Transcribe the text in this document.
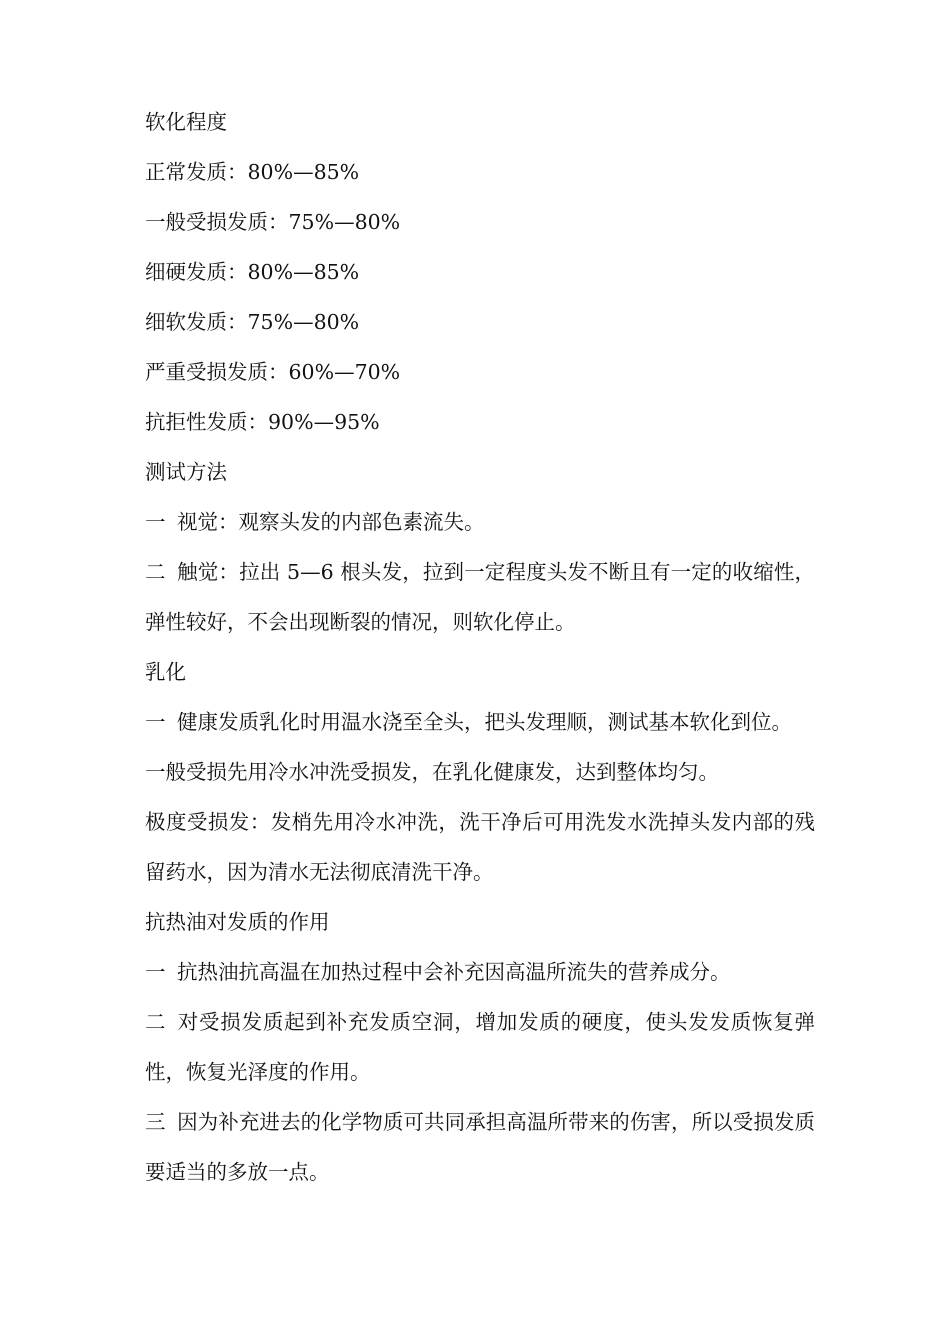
软化程度

正常发质：80%—85%

一般受损发质：75%—80%

细硬发质：80%—85%

细软发质：75%—80%

严重受损发质：60%—70%

抗拒性发质：90%—95%

测试方法

一 视觉：观察头发的内部色素流失。

二 触觉：拉出 5—6 根头发，拉到一定程度头发不断且有一定的收缩性，弹性较好，不会出现断裂的情况，则软化停止。

乳化

一 健康发质乳化时用温水浇至全头，把头发理顺，测试基本软化到位。

一般受损先用冷水冲洗受损发，在乳化健康发，达到整体均匀。

极度受损发：发梢先用冷水冲洗，洗干净后可用洗发水洗掉头发内部的残留药水，因为清水无法彻底清洗干净。

抗热油对发质的作用

一 抗热油抗高温在加热过程中会补充因高温所流失的营养成分。

二 对受损发质起到补充发质空洞，增加发质的硬度，使头发发质恢复弹性，恢复光泽度的作用。

三 因为补充进去的化学物质可共同承担高温所带来的伤害，所以受损发质要适当的多放一点。
